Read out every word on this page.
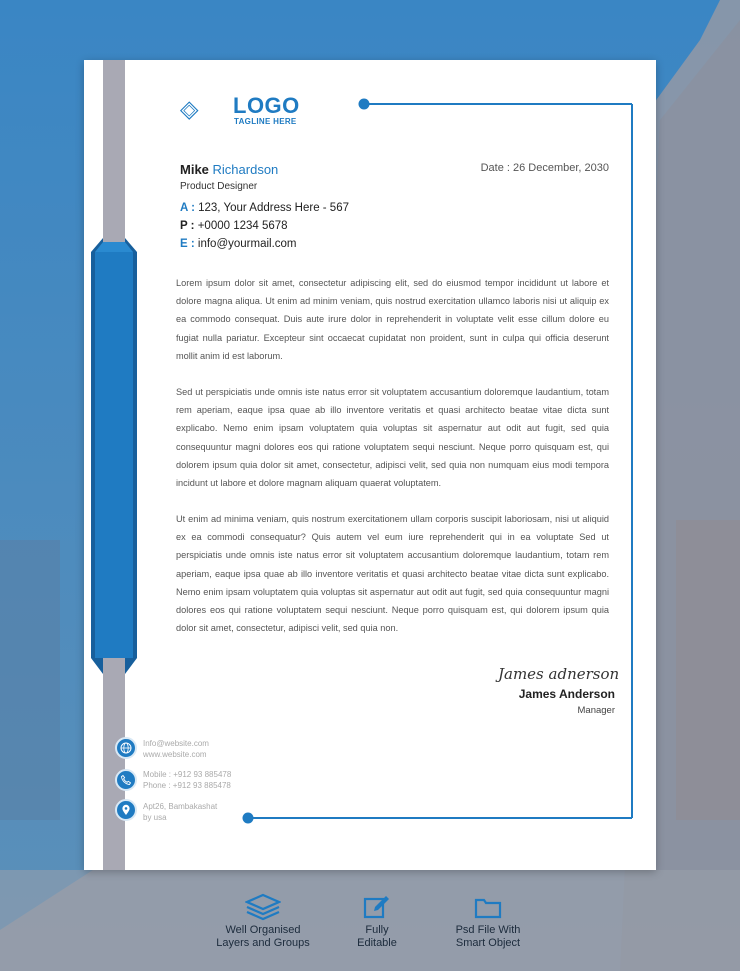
LOGO
TAGLINE HERE
Mike Richardson
Product Designer
Date : 26 December, 2030
A : 123, Your Address Here - 567
P : +0000 1234 5678
E : info@yourmail.com

Lorem ipsum dolor sit amet, consectetur adipiscing elit, sed do eiusmod tempor incididunt ut labore et dolore magna aliqua. Ut enim ad minim veniam, quis nostrud exercitation ullamco laboris nisi ut aliquip ex ea commodo consequat. Duis aute irure dolor in reprehenderit in voluptate velit esse cillum dolore eu fugiat nulla pariatur. Excepteur sint occaecat cupidatat non proident, sunt in culpa qui officia deserunt mollit anim id est laborum.

Sed ut perspiciatis unde omnis iste natus error sit voluptatem accusantium doloremque laudantium, totam rem aperiam, eaque ipsa quae ab illo inventore veritatis et quasi architecto beatae vitae dicta sunt explicabo. Nemo enim ipsam voluptatem quia voluptas sit aspernatur aut odit aut fugit, sed quia consequuntur magni dolores eos qui ratione voluptatem sequi nesciunt. Neque porro quisquam est, qui dolorem ipsum quia dolor sit amet, consectetur, adipisci velit, sed quia non numquam eius modi tempora incidunt ut labore et dolore magnam aliquam quaerat voluptatem.

Ut enim ad minima veniam, quis nostrum exercitationem ullam corporis suscipit laboriosam, nisi ut aliquid ex ea commodi consequatur? Quis autem vel eum iure reprehenderit qui in ea voluptate Sed ut perspiciatis unde omnis iste natus error sit voluptatem accusantium doloremque laudantium, totam rem aperiam, eaque ipsa quae ab illo inventore veritatis et quasi architecto beatae vitae dicta sunt explicabo. Nemo enim ipsam voluptatem quia voluptas sit aspernatur aut odit aut fugit, sed quia consequuntur magni dolores eos qui ratione voluptatem sequi nesciunt. Neque porro quisquam est, qui dolorem ipsum quia dolor sit amet, consectetur, adipisci velit, sed quia non.

James adnerson
James Anderson
Manager
Info@website.com
www.website.com
Mobile : +912 93 885478
Phone : +912 93 885478
Apt26, Bambakashat
by usa
Well Organised
Layers and Groups
Fully
Editable
Psd File With
Smart Object
